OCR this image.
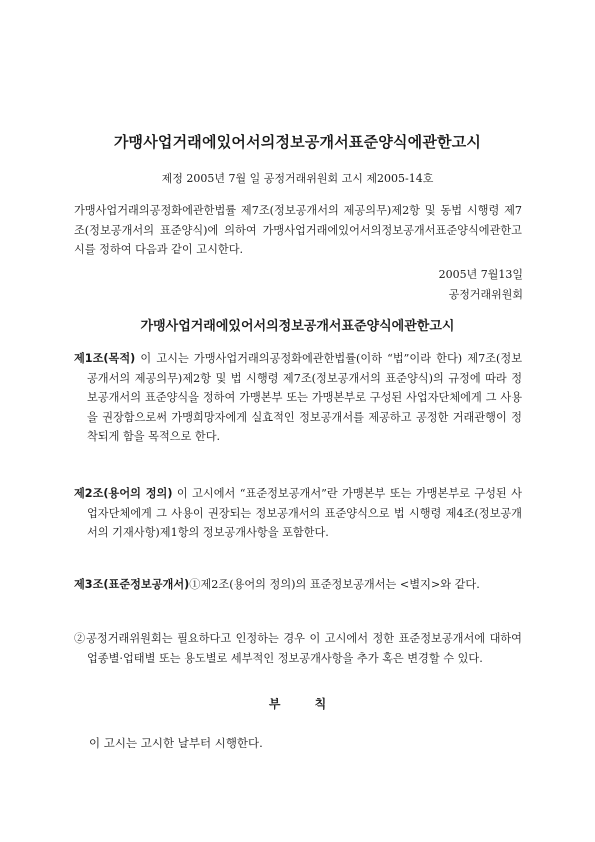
가맹사업거래에있어서의정보공개서표준양식에관한고시
제정 2005년 7월 일 공정거래위원회 고시 제2005-14호
가맹사업거래의공정화에관한법률 제7조(정보공개서의 제공의무)제2항 및 동법 시행령 제7조(정보공개서의 표준양식)에 의하여 가맹사업거래에있어서의정보공개서표준양식에관한고시를 정하여 다음과 같이 고시한다.
2005년 7월13일
공정거래위원회
가맹사업거래에있어서의정보공개서표준양식에관한고시
제1조(목적) 이 고시는 가맹사업거래의공정화에관한법률(이하 “법”이라 한다) 제7조(정보공개서의 제공의무)제2항 및 법 시행령 제7조(정보공개서의 표준양식)의 규정에 따라 정보공개서의 표준양식을 정하여 가맹본부 또는 가맹본부로 구성된 사업자단체에게 그 사용을 권장함으로써 가맹희망자에게 실효적인 정보공개서를 제공하고 공정한 거래관행이 정착되게 함을 목적으로 한다.
제2조(용어의 정의) 이 고시에서 “표준정보공개서”란 가맹본부 또는 가맹본부로 구성된 사업자단체에게 그 사용이 권장되는 정보공개서의 표준양식으로 법 시행령 제4조(정보공개서의 기재사항)제1항의 정보공개사항을 포함한다.
제3조(표준정보공개서)①제2조(용어의 정의)의 표준정보공개서는 <별지>와 같다.
②공정거래위원회는 필요하다고 인정하는 경우 이 고시에서 정한 표준정보공개서에 대하여 업종별·업태별 또는 용도별로 세부적인 정보공개사항을 추가 혹은 변경할 수 있다.
부 칙
이 고시는 고시한 날부터 시행한다.
